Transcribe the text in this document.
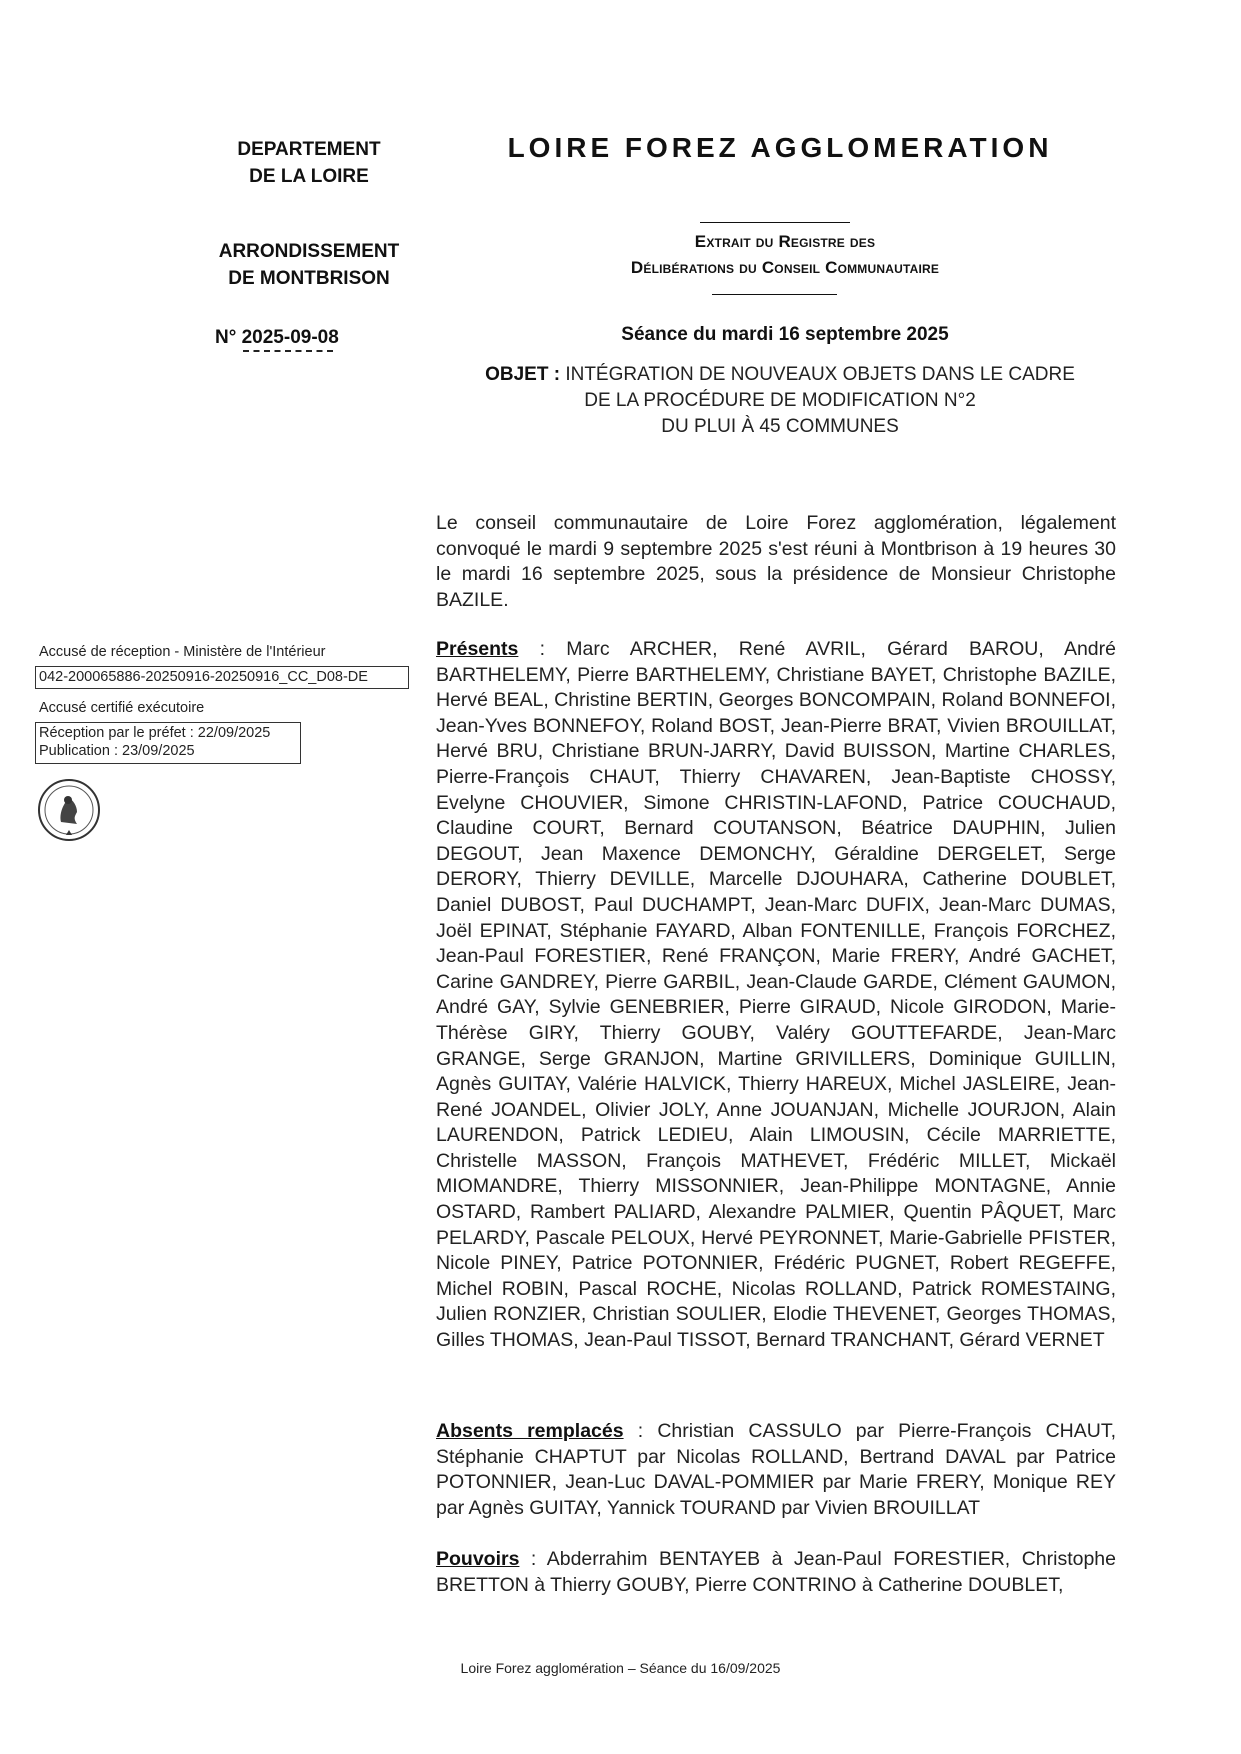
DEPARTEMENT
DE LA LOIRE
ARRONDISSEMENT
DE MONTBRISON
N° 2025-09-08
LOIRE FOREZ AGGLOMERATION
Extrait du Registre des
Délibérations du Conseil Communautaire
Séance du mardi 16 septembre 2025
OBJET : INTÉGRATION DE NOUVEAUX OBJETS DANS LE CADRE
DE LA PROCÉDURE DE MODIFICATION N°2
DU PLUI À 45 COMMUNES
Le conseil communautaire de Loire Forez agglomération, légalement convoqué le mardi 9 septembre 2025 s'est réuni à Montbrison à 19 heures 30 le mardi 16 septembre 2025, sous la présidence de Monsieur Christophe BAZILE.
Présents : Marc ARCHER, René AVRIL, Gérard BAROU, André BARTHELEMY, Pierre BARTHELEMY, Christiane BAYET, Christophe BAZILE, Hervé BEAL, Christine BERTIN, Georges BONCOMPAIN, Roland BONNEFOI, Jean-Yves BONNEFOY, Roland BOST, Jean-Pierre BRAT, Vivien BROUILLAT, Hervé BRU, Christiane BRUN-JARRY, David BUISSON, Martine CHARLES, Pierre-François CHAUT, Thierry CHAVAREN, Jean-Baptiste CHOSSY, Evelyne CHOUVIER, Simone CHRISTIN-LAFOND, Patrice COUCHAUD, Claudine COURT, Bernard COUTANSON, Béatrice DAUPHIN, Julien DEGOUT, Jean Maxence DEMONCHY, Géraldine DERGELET, Serge DERORY, Thierry DEVILLE, Marcelle DJOUHARA, Catherine DOUBLET, Daniel DUBOST, Paul DUCHAMPT, Jean-Marc DUFIX, Jean-Marc DUMAS, Joël EPINAT, Stéphanie FAYARD, Alban FONTENILLE, François FORCHEZ, Jean-Paul FORESTIER, René FRANÇON, Marie FRERY, André GACHET, Carine GANDREY, Pierre GARBIL, Jean-Claude GARDE, Clément GAUMON, André GAY, Sylvie GENEBRIER, Pierre GIRAUD, Nicole GIRODON, Marie-Thérèse GIRY, Thierry GOUBY, Valéry GOUTTEFARDE, Jean-Marc GRANGE, Serge GRANJON, Martine GRIVILLERS, Dominique GUILLIN, Agnès GUITAY, Valérie HALVICK, Thierry HAREUX, Michel JASLEIRE, Jean-René JOANDEL, Olivier JOLY, Anne JOUANJAN, Michelle JOURJON, Alain LAURENDON, Patrick LEDIEU, Alain LIMOUSIN, Cécile MARRIETTE, Christelle MASSON, François MATHEVET, Frédéric MILLET, Mickaël MIOMANDRE, Thierry MISSONNIER, Jean-Philippe MONTAGNE, Annie OSTARD, Rambert PALIARD, Alexandre PALMIER, Quentin PÂQUET, Marc PELARDY, Pascale PELOUX, Hervé PEYRONNET, Marie-Gabrielle PFISTER, Nicole PINEY, Patrice POTONNIER, Frédéric PUGNET, Robert REGEFFE, Michel ROBIN, Pascal ROCHE, Nicolas ROLLAND, Patrick ROMESTAING, Julien RONZIER, Christian SOULIER, Elodie THEVENET, Georges THOMAS, Gilles THOMAS, Jean-Paul TISSOT, Bernard TRANCHANT, Gérard VERNET
Absents remplacés : Christian CASSULO par Pierre-François CHAUT, Stéphanie CHAPTUT par Nicolas ROLLAND, Bertrand DAVAL par Patrice POTONNIER, Jean-Luc DAVAL-POMMIER par Marie FRERY, Monique REY par Agnès GUITAY, Yannick TOURAND par Vivien BROUILLAT
Pouvoirs : Abderrahim BENTAYEB à Jean-Paul FORESTIER, Christophe BRETTON à Thierry GOUBY, Pierre CONTRINO à Catherine DOUBLET,
Accusé de réception - Ministère de l'Intérieur
042-200065886-20250916-20250916_CC_D08-DE
Accusé certifié exécutoire
Réception par le préfet : 22/09/2025
Publication : 23/09/2025
Loire Forez agglomération – Séance du 16/09/2025
